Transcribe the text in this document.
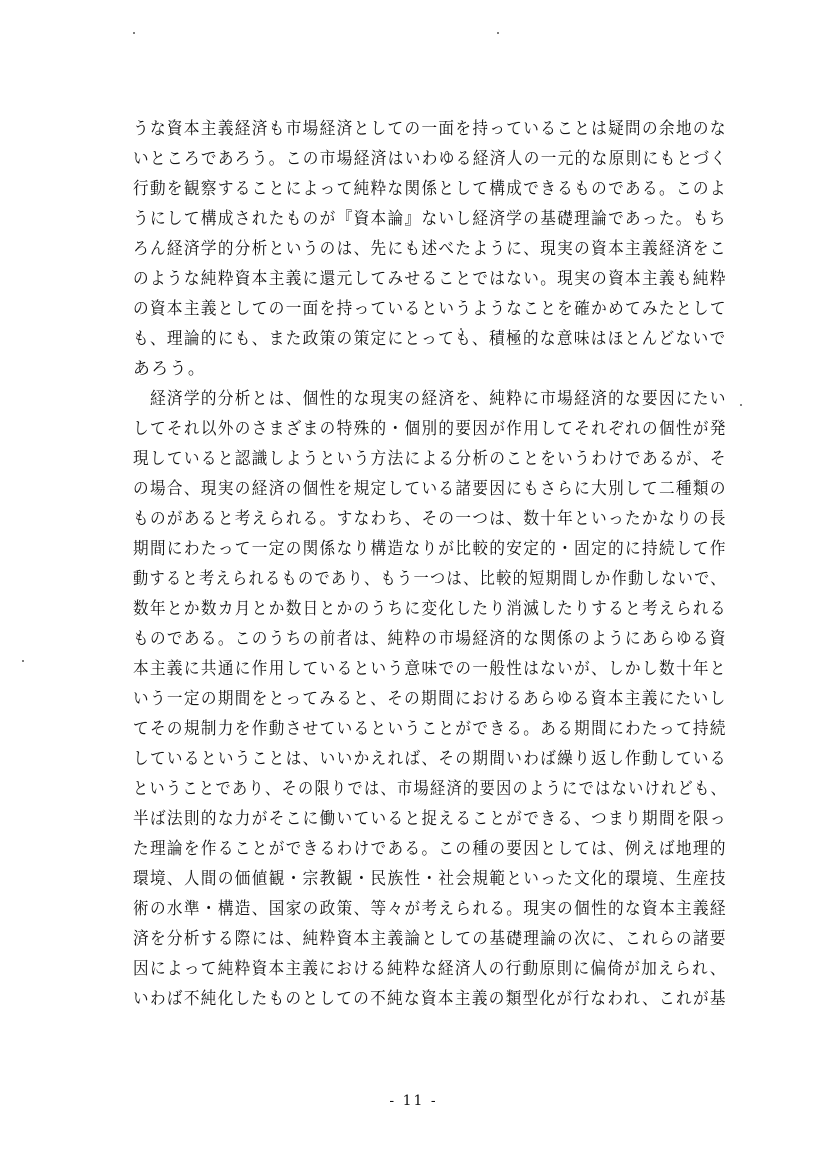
うな資本主義経済も市場経済としての一面を持っていることは疑問の余地のな
いところであろう。この市場経済はいわゆる経済人の一元的な原則にもとづく
行動を観察することによって純粋な関係として構成できるものである。このよ
うにして構成されたものが『資本論』ないし経済学の基礎理論であった。もち
ろん経済学的分析というのは、先にも述べたように、現実の資本主義経済をこ
のような純粋資本主義に還元してみせることではない。現実の資本主義も純粋
の資本主義としての一面を持っているというようなことを確かめてみたとして
も、理論的にも、また政策の策定にとっても、積極的な意味はほとんどないで
あろう。
　経済学的分析とは、個性的な現実の経済を、純粋に市場経済的な要因にたい
してそれ以外のさまざまの特殊的・個別的要因が作用してそれぞれの個性が発
現していると認識しようという方法による分析のことをいうわけであるが、そ
の場合、現実の経済の個性を規定している諸要因にもさらに大別して二種類の
ものがあると考えられる。すなわち、その一つは、数十年といったかなりの長
期間にわたって一定の関係なり構造なりが比較的安定的・固定的に持続して作
動すると考えられるものであり、もう一つは、比較的短期間しか作動しないで、
数年とか数カ月とか数日とかのうちに変化したり消滅したりすると考えられる
ものである。このうちの前者は、純粋の市場経済的な関係のようにあらゆる資
本主義に共通に作用しているという意味での一般性はないが、しかし数十年と
いう一定の期間をとってみると、その期間におけるあらゆる資本主義にたいし
てその規制力を作動させているということができる。ある期間にわたって持続
しているということは、いいかえれば、その期間いわば繰り返し作動している
ということであり、その限りでは、市場経済的要因のようにではないけれども、
半ば法則的な力がそこに働いていると捉えることができる、つまり期間を限っ
た理論を作ることができるわけである。この種の要因としては、例えば地理的
環境、人間の価値観・宗教観・民族性・社会規範といった文化的環境、生産技
術の水準・構造、国家の政策、等々が考えられる。現実の個性的な資本主義経
済を分析する際には、純粋資本主義論としての基礎理論の次に、これらの諸要
因によって純粋資本主義における純粋な経済人の行動原則に偏倚が加えられ、
いわば不純化したものとしての不純な資本主義の類型化が行なわれ、これが基
- 11 -
